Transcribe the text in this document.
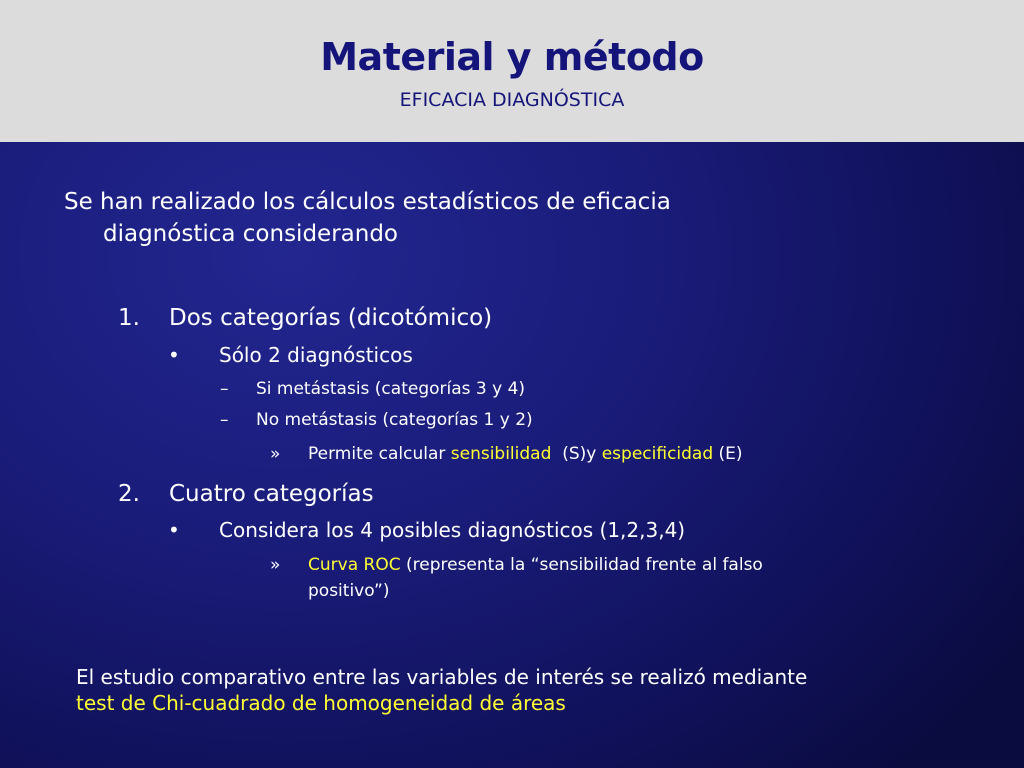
Material y método
EFICACIA DIAGNÓSTICA
Se han realizado los cálculos estadísticos de eficacia
diagnóstica considerando
1. Dos categorías (dicotómico)
• Sólo 2 diagnósticos
– Si metástasis (categorías 3 y 4)
– No metástasis (categorías 1 y 2)
» Permite calcular sensibilidad  (S)y especificidad (E)
2. Cuatro categorías
• Considera los 4 posibles diagnósticos (1,2,3,4)
» Curva ROC (representa la “sensibilidad frente al falso
positivo”)
El estudio comparativo entre las variables de interés se realizó mediante
test de Chi-cuadrado de homogeneidad de áreas
